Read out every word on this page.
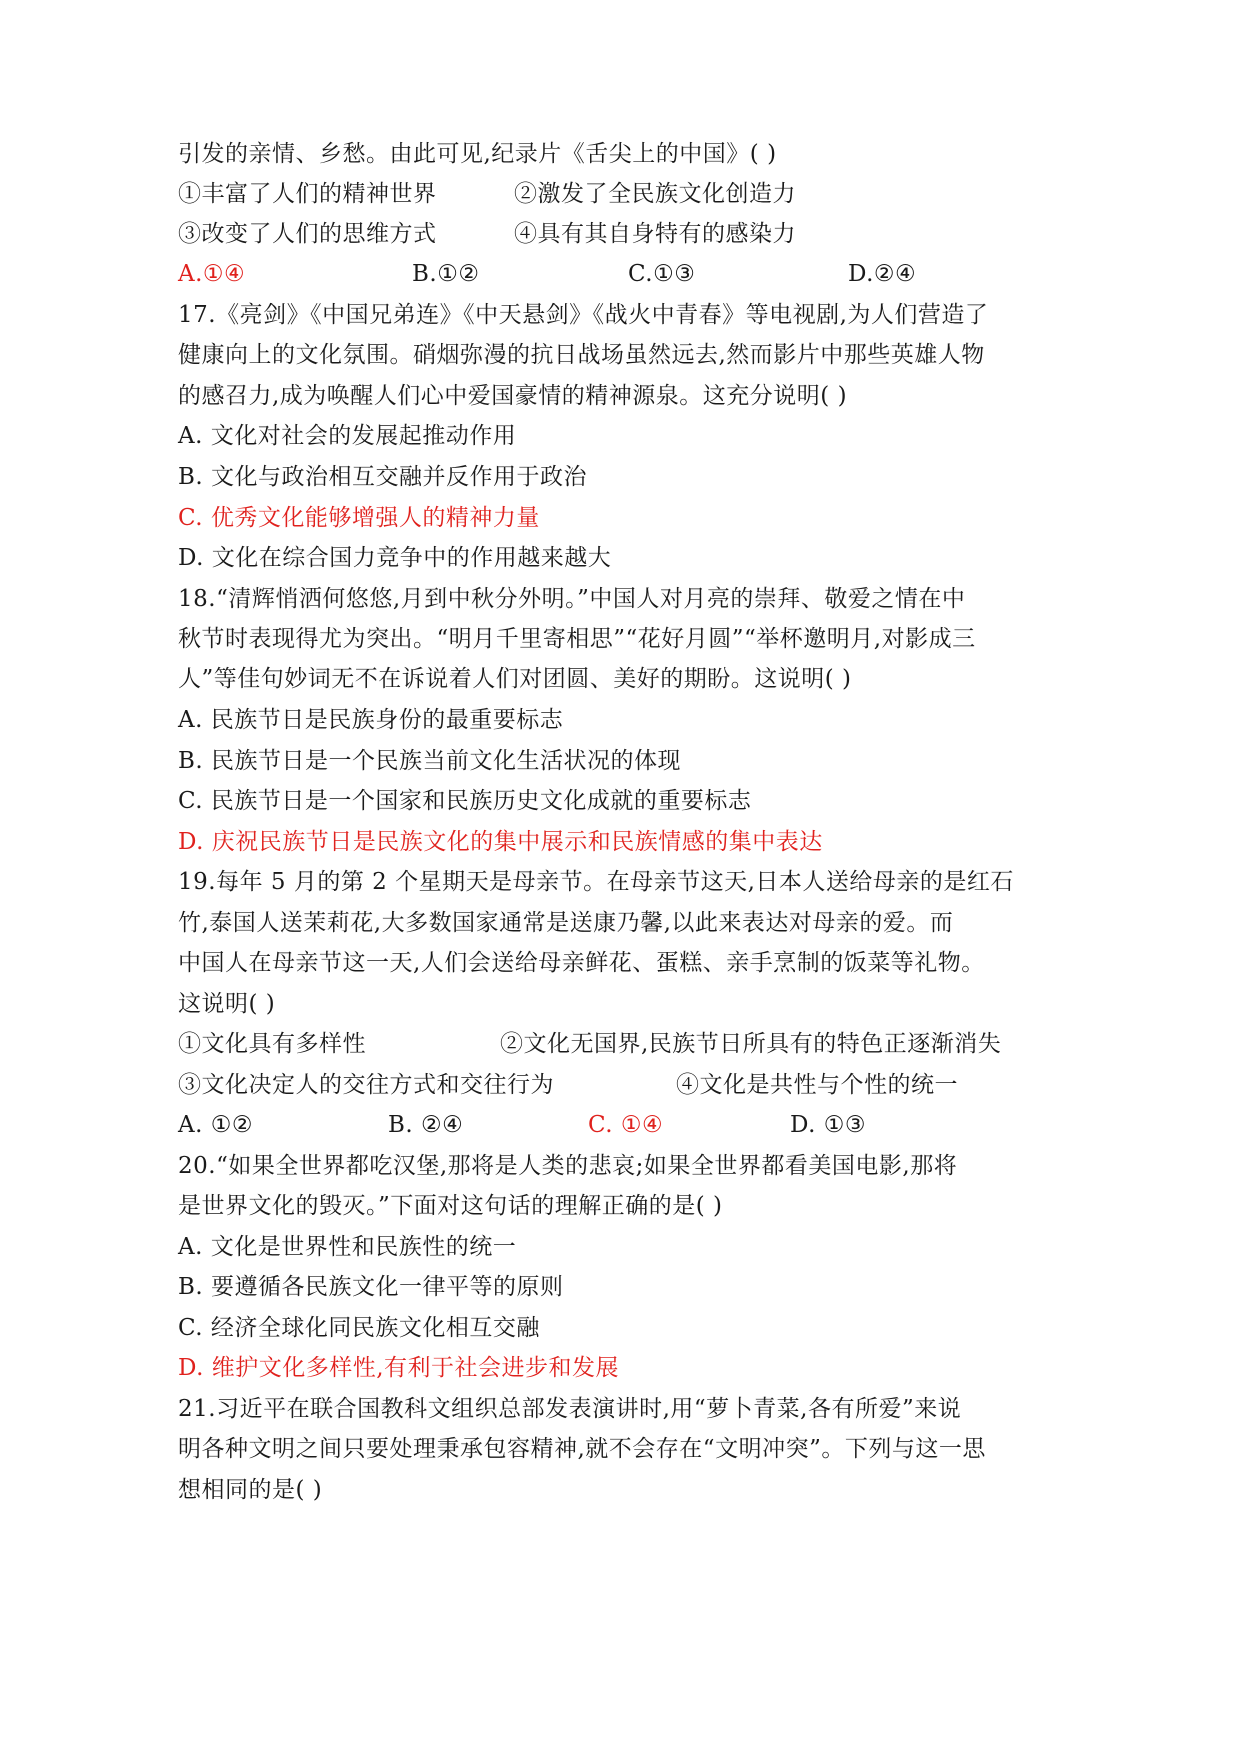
引发的亲情、乡愁。由此可见,纪录片《舌尖上的中国》( )
①丰富了人们的精神世界	②激发了全民族文化创造力
③改变了人们的思维方式	④具有其自身特有的感染力
A.①④	B.①②	C.①③	D.②④
17.《亮剑》《中国兄弟连》《中天悬剑》《战火中青春》等电视剧,为人们营造了
健康向上的文化氛围。硝烟弥漫的抗日战场虽然远去,然而影片中那些英雄人物
的感召力,成为唤醒人们心中爱国豪情的精神源泉。这充分说明( )
A. 文化对社会的发展起推动作用
B. 文化与政治相互交融并反作用于政治
C. 优秀文化能够增强人的精神力量
D. 文化在综合国力竞争中的作用越来越大
18.“清辉悄洒何悠悠,月到中秋分外明。”中国人对月亮的崇拜、敬爱之情在中
秋节时表现得尤为突出。“明月千里寄相思”“花好月圆”“举杯邀明月,对影成三
人”等佳句妙词无不在诉说着人们对团圆、美好的期盼。这说明( )
A. 民族节日是民族身份的最重要标志
B. 民族节日是一个民族当前文化生活状况的体现
C. 民族节日是一个国家和民族历史文化成就的重要标志
D. 庆祝民族节日是民族文化的集中展示和民族情感的集中表达
19.每年 5 月的第 2 个星期天是母亲节。在母亲节这天,日本人送给母亲的是红石
竹,泰国人送茉莉花,大多数国家通常是送康乃馨,以此来表达对母亲的爱。而
中国人在母亲节这一天,人们会送给母亲鲜花、蛋糕、亲手烹制的饭菜等礼物。
这说明( )
①文化具有多样性	②文化无国界,民族节日所具有的特色正逐渐消失
③文化决定人的交往方式和交往行为	④文化是共性与个性的统一
A. ①②	B. ②④	C. ①④	D. ①③
20.“如果全世界都吃汉堡,那将是人类的悲哀;如果全世界都看美国电影,那将
是世界文化的毁灭。”下面对这句话的理解正确的是( )
A. 文化是世界性和民族性的统一
B. 要遵循各民族文化一律平等的原则
C. 经济全球化同民族文化相互交融
D. 维护文化多样性,有利于社会进步和发展
21.习近平在联合国教科文组织总部发表演讲时,用“萝卜青菜,各有所爱”来说
明各种文明之间只要处理秉承包容精神,就不会存在“文明冲突”。下列与这一思
想相同的是( )
